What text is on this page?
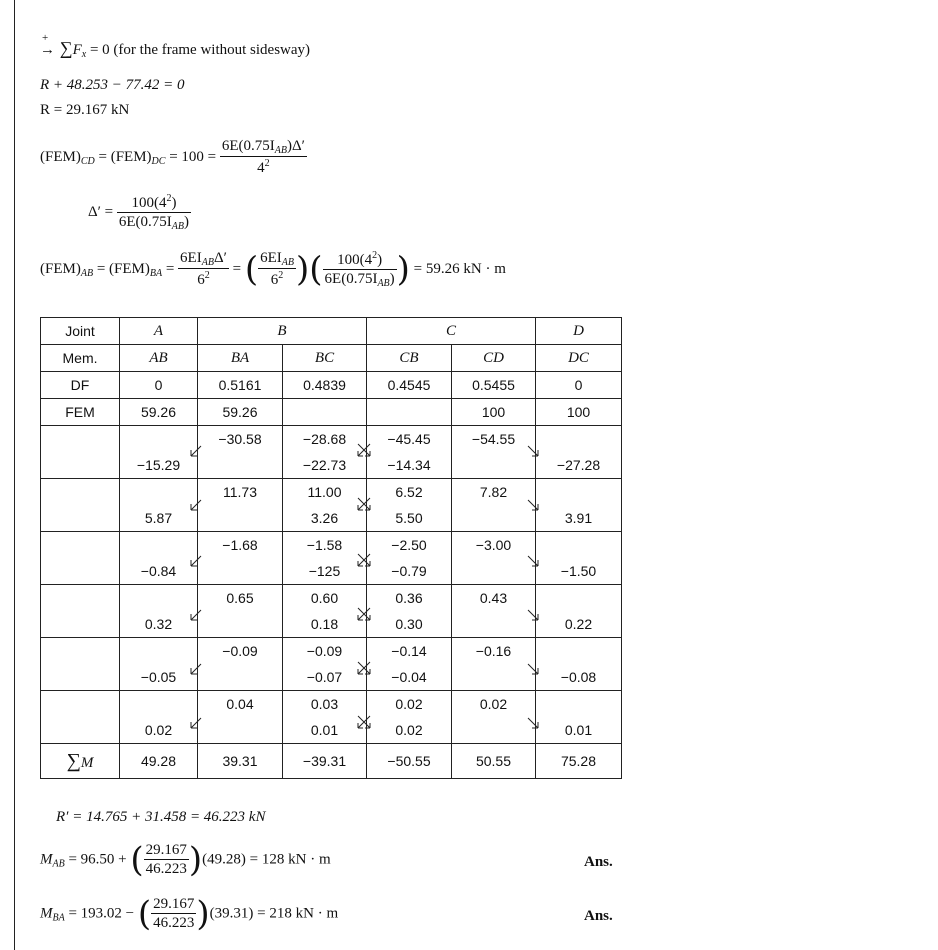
+
→ $\sum F_x = 0$ (for the frame without sidesway)
R + 48.253 − 77.42 = 0
R = 29.167 kN
$(FEM)_{CD} = (FEM)_{DC} = 100 = \frac{6E(0.75I_{AB})\Delta'}{4^2}$
$\Delta' = \frac{100(4^2)}{6E(0.75I_{AB})}$
$(FEM)_{AB} = (FEM)_{BA} = \frac{6EI_{AB}\Delta'}{6^2}$ = ( $\frac{6EI_{AB}}{6^2}$ )( $\frac{100(4^2)}{6E(0.75I_{AB})}$ ) = 59.26 kN · m
Joint	A	B		C		D
Mem.	AB	BA	BC	CB	CD	DC
DF	0	0.5161	0.4839	0.4545	0.5455	0
FEM	59.26	59.26			100	100
		−30.58	−28.68	−45.45	−54.55	
	−15.29		−22.73	−14.34		−27.28
		11.73	11.00	6.52	7.82	
	5.87		3.26	5.50		3.91
		−1.68	−1.58	−2.50	−3.00	
	−0.84		−125	−0.79		−1.50
		0.65	0.60	0.36	0.43	
	0.32		0.18	0.30		0.22
		−0.09	−0.09	−0.14	−0.16	
	−0.05		−0.07	−0.04		−0.08
		0.04	0.03	0.02	0.02	
	0.02		0.01	0.02		0.01
∑M	49.28	39.31	−39.31	−50.55	50.55	75.28
R′ = 14.765 + 31.458 = 46.223 kN
$M_{AB} = 96.50$ + ( $\frac{29.167}{46.223} )(49.28) = 128$ kN · m	Ans.
$M_{BA} = 193.02$ − ( $\frac{29.167}{46.223} )(39.31) = 218$ kN · m	Ans.
